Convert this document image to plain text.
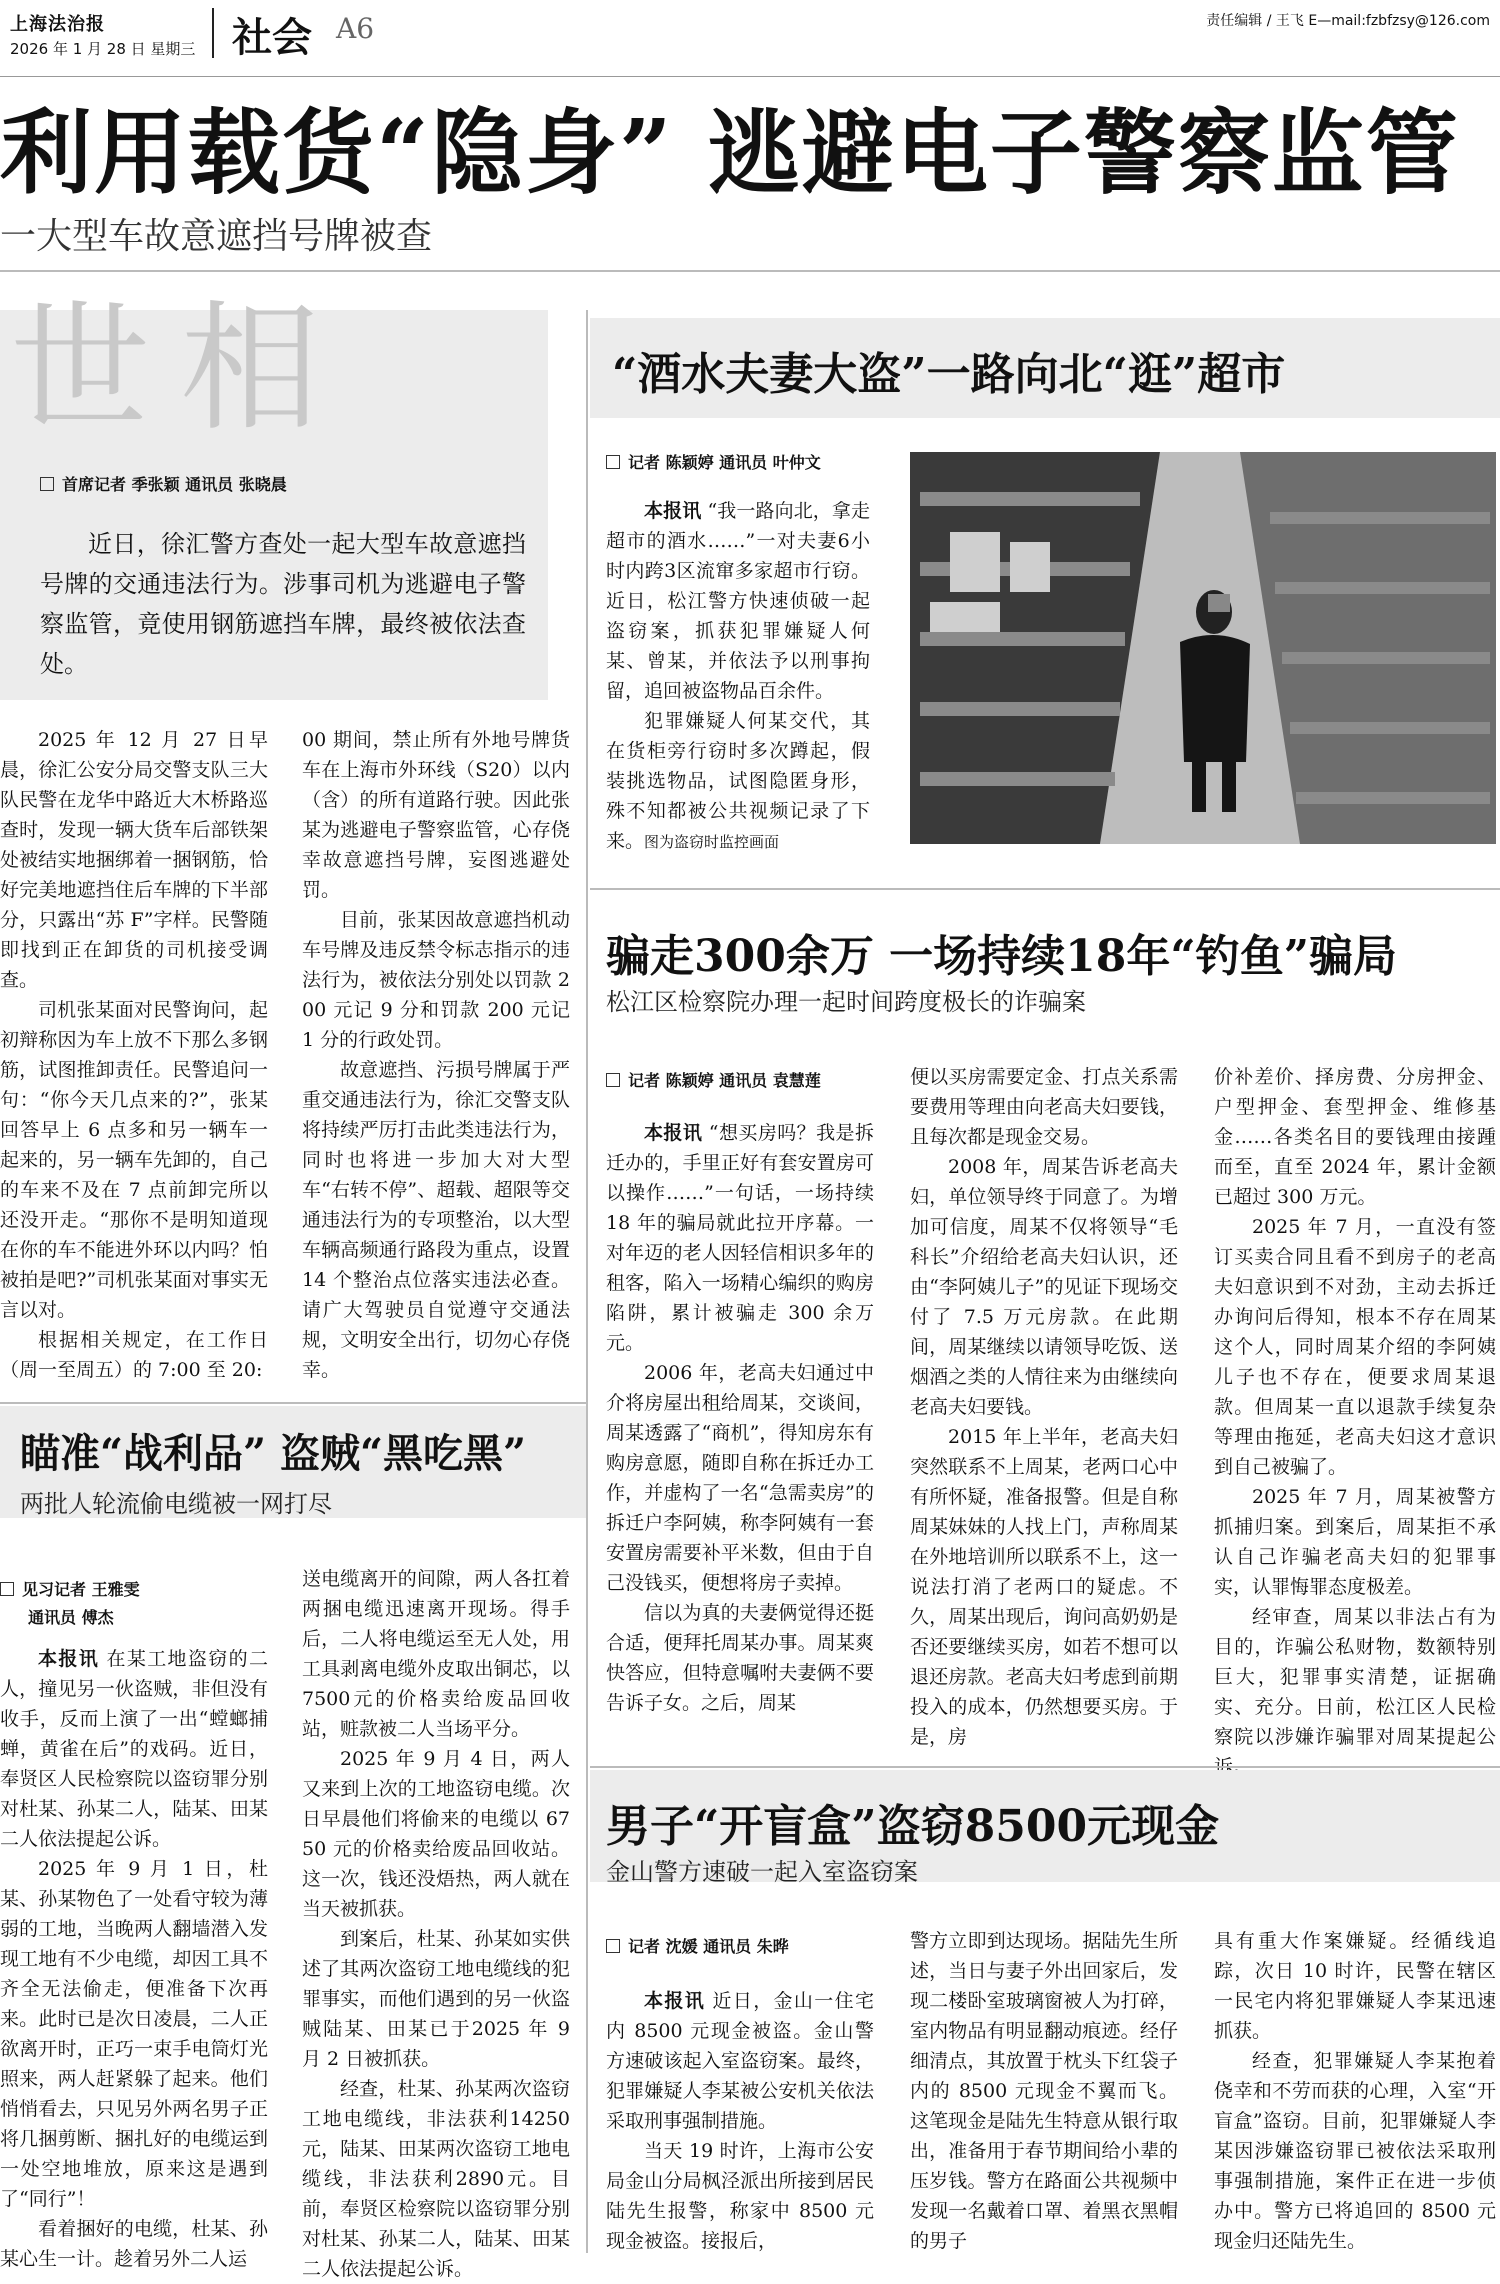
上海法治报
2026 年 1 月 28 日 星期三 社会 A6	责任编辑 / 王飞 E—mail:fzbfzsy@126.com
利用载货“隐身” 逃避电子警察监管
一大型车故意遮挡号牌被查
世相
首席记者 季张颖 通讯员 张晓晨
近日，徐汇警方查处一起大型车故意遮挡号牌的交通违法行为。涉事司机为逃避电子警察监管，竟使用钢筋遮挡车牌，最终被依法查处。

2025 年 12 月 27 日早晨，徐汇公安分局交警支队三大队民警在龙华中路近大木桥路巡查时，发现一辆大货车后部铁架处被结实地捆绑着一捆钢筋，恰好完美地遮挡住后车牌的下半部分，只露出“苏 F”字样。民警随即找到正在卸货的司机接受调查。

司机张某面对民警询问，起初辩称因为车上放不下那么多钢筋，试图推卸责任。民警追问一句：“你今天几点来的?”，张某回答早上 6 点多和另一辆车一起来的，另一辆车先卸的，自己的车来不及在 7 点前卸完所以还没开走。“那你不是明知道现在你的车不能进外环以内吗？怕被拍是吧?”司机张某面对事实无言以对。

根据相关规定，在工作日（周一至周五）的 7:00 至 20:

00 期间，禁止所有外地号牌货车在上海市外环线（S20）以内（含）的所有道路行驶。因此张某为逃避电子警察监管，心存侥幸故意遮挡号牌，妄图逃避处罚。

目前，张某因故意遮挡机动车号牌及违反禁令标志指示的违法行为，被依法分别处以罚款 200 元记 9 分和罚款 200 元记 1 分的行政处罚。

故意遮挡、污损号牌属于严重交通违法行为，徐汇交警支队将持续严厉打击此类违法行为，同时也将进一步加大对大型车“右转不停”、超载、超限等交通违法行为的专项整治，以大型车辆高频通行路段为重点，设置 14 个整治点位落实违法必查。请广大驾驶员自觉遵守交通法规，文明安全出行，切勿心存侥幸。

瞄准“战利品” 盗贼“黑吃黑”
两批人轮流偷电缆被一网打尽
见习记者 王雅雯
通讯员 傅杰

本报讯 在某工地盗窃的二人，撞见另一伙盗贼，非但没有收手，反而上演了一出“螳螂捕蝉，黄雀在后”的戏码。近日，奉贤区人民检察院以盗窃罪分别对杜某、孙某二人，陆某、田某二人依法提起公诉。

2025 年 9 月 1 日，杜某、孙某物色了一处看守较为薄弱的工地，当晚两人翻墙潜入发现工地有不少电缆，却因工具不齐全无法偷走，便准备下次再来。此时已是次日凌晨，二人正欲离开时，正巧一束手电筒灯光照来，两人赶紧躲了起来。他们悄悄看去，只见另外两名男子正将几捆剪断、捆扎好的电缆运到一处空地堆放，原来这是遇到了“同行”！

看着捆好的电缆，杜某、孙某心生一计。趁着另外二人运

送电缆离开的间隙，两人各扛着两捆电缆迅速离开现场。得手后，二人将电缆运至无人处，用工具剥离电缆外皮取出铜芯，以7500元的价格卖给废品回收站，赃款被二人当场平分。

2025 年 9 月 4 日，两人又来到上次的工地盗窃电缆。次日早晨他们将偷来的电缆以 6750 元的价格卖给废品回收站。这一次，钱还没焐热，两人就在当天被抓获。

到案后，杜某、孙某如实供述了其两次盗窃工地电缆线的犯罪事实，而他们遇到的另一伙盗贼陆某、田某已于2025 年 9 月 2 日被抓获。

经查，杜某、孙某两次盗窃工地电缆线，非法获利14250元，陆某、田某两次盗窃工地电缆线，非法获利2890元。目前，奉贤区检察院以盗窃罪分别对杜某、孙某二人，陆某、田某二人依法提起公诉。

“酒水夫妻大盗”一路向北“逛”超市
记者 陈颖婷 通讯员 叶仲文

本报讯 “我一路向北，拿走超市的酒水……”一对夫妻6小时内跨3区流窜多家超市行窃。近日，松江警方快速侦破一起盗窃案，抓获犯罪嫌疑人何某、曾某，并依法予以刑事拘留，追回被盗物品百余件。

犯罪嫌疑人何某交代，其在货柜旁行窃时多次蹲起，假装挑选物品，试图隐匿身形，殊不知都被公共视频记录了下来。图为盗窃时监控画面

骗走300余万 一场持续18年“钓鱼”骗局
松江区检察院办理一起时间跨度极长的诈骗案
记者 陈颖婷 通讯员 袁慧莲

本报讯 “想买房吗？我是拆迁办的，手里正好有套安置房可以操作……”一句话，一场持续 18 年的骗局就此拉开序幕。一对年迈的老人因轻信相识多年的租客，陷入一场精心编织的购房陷阱，累计被骗走 300 余万元。

2006 年，老高夫妇通过中介将房屋出租给周某，交谈间，周某透露了“商机”，得知房东有购房意愿，随即自称在拆迁办工作，并虚构了一名“急需卖房”的拆迁户李阿姨，称李阿姨有一套安置房需要补平米数，但由于自己没钱买，便想将房子卖掉。

信以为真的夫妻俩觉得还挺合适，便拜托周某办事。周某爽快答应，但特意嘱咐夫妻俩不要告诉子女。之后，周某

便以买房需要定金、打点关系需要费用等理由向老高夫妇要钱，且每次都是现金交易。

2008 年，周某告诉老高夫妇，单位领导终于同意了。为增加可信度，周某不仅将领导“毛科长”介绍给老高夫妇认识，还由“李阿姨儿子”的见证下现场交付了 7.5 万元房款。在此期间，周某继续以请领导吃饭、送烟酒之类的人情往来为由继续向老高夫妇要钱。

2015 年上半年，老高夫妇突然联系不上周某，老两口心中有所怀疑，准备报警。但是自称周某妹妹的人找上门，声称周某在外地培训所以联系不上，这一说法打消了老两口的疑虑。不久，周某出现后，询问高奶奶是否还要继续买房，如若不想可以退还房款。老高夫妇考虑到前期投入的成本，仍然想要买房。于是，房

价补差价、择房费、分房押金、户型押金、套型押金、维修基金……各类名目的要钱理由接踵而至，直至 2024 年，累计金额已超过 300 万元。

2025 年 7 月，一直没有签订买卖合同且看不到房子的老高夫妇意识到不对劲，主动去拆迁办询问后得知，根本不存在周某这个人，同时周某介绍的李阿姨儿子也不存在，便要求周某退款。但周某一直以退款手续复杂等理由拖延，老高夫妇这才意识到自己被骗了。

2025 年 7 月，周某被警方抓捕归案。到案后，周某拒不承认自己诈骗老高夫妇的犯罪事实，认罪悔罪态度极差。

经审查，周某以非法占有为目的，诈骗公私财物，数额特别巨大，犯罪事实清楚，证据确实、充分。日前，松江区人民检察院以涉嫌诈骗罪对周某提起公

男子“开盲盒”盗窃8500元现金
金山警方速破一起入室盗窃案
记者 沈媛 通讯员 朱晔

本报讯 近日，金山一住宅内 8500 元现金被盗。金山警方速破该起入室盗窃案。最终，犯罪嫌疑人李某被公安机关依法采取刑事强制措施。

当天 19 时许，上海市公安局金山分局枫泾派出所接到居民陆先生报警，称家中 8500 元现金被盗。接报后，

警方立即到达现场。据陆先生所述，当日与妻子外出回家后，发现二楼卧室玻璃窗被人为打碎，室内物品有明显翻动痕迹。经仔细清点，其放置于枕头下红袋子内的 8500 元现金不翼而飞。这笔现金是陆先生特意从银行取出，准备用于春节期间给小辈的压岁钱。警方在路面公共视频中发现一名戴着口罩、着黑衣黑帽的男子

具有重大作案嫌疑。经循线追踪，次日 10 时许，民警在辖区一民宅内将犯罪嫌疑人李某迅速抓获。

经查，犯罪嫌疑人李某抱着侥幸和不劳而获的心理，入室“开盲盒”盗窃。目前，犯罪嫌疑人李某因涉嫌盗窃罪已被依法采取刑事强制措施，案件正在进一步侦办中。警方已将追回的 8500 元现金归还陆先生。
